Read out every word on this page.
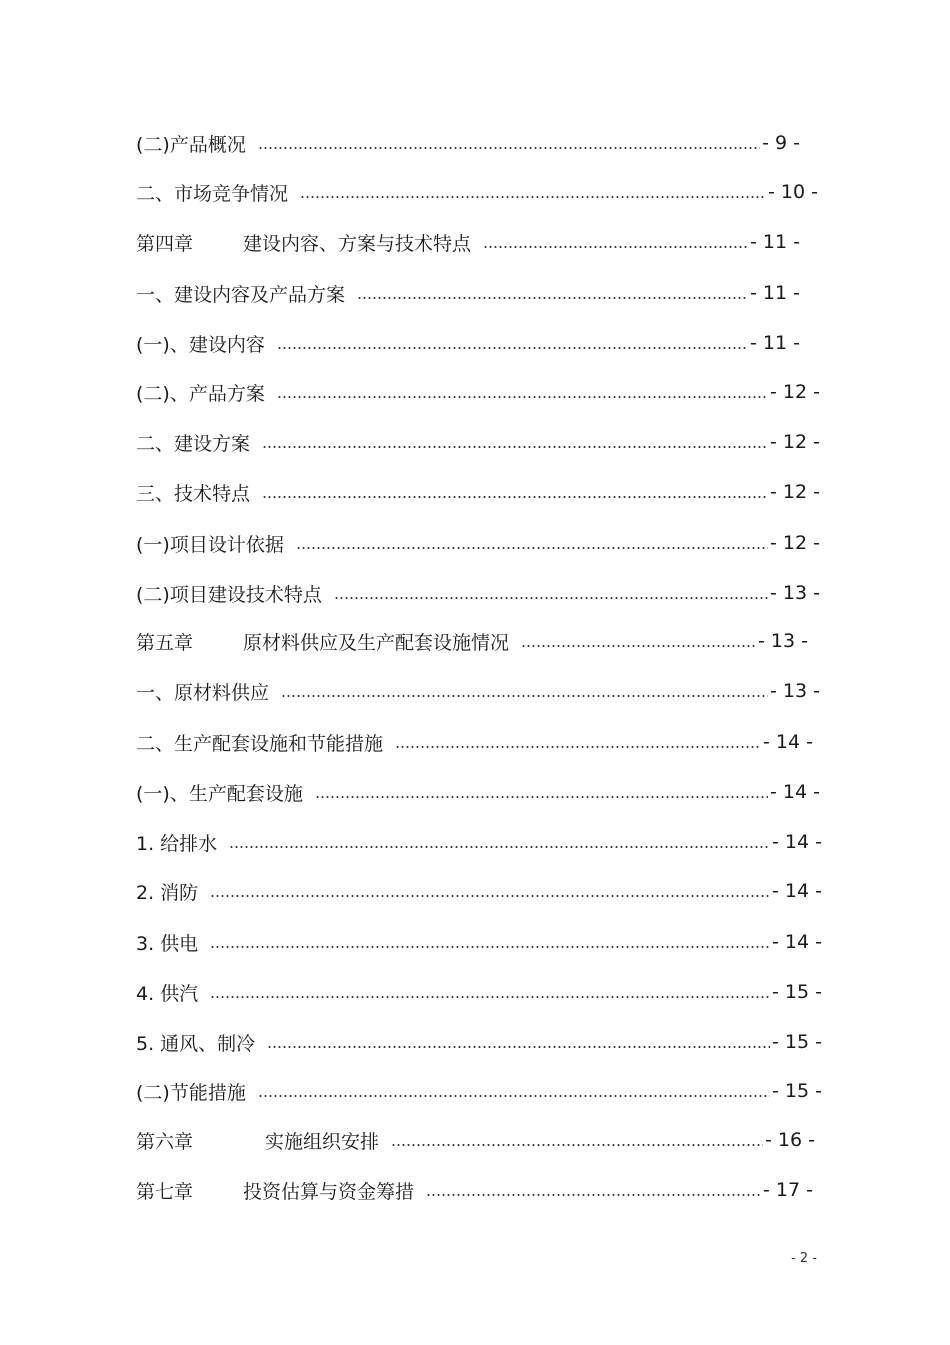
(二)产品概况	- 9 -
二、市场竞争情况	- 10 -
第四章	建设内容、方案与技术特点	- 11 -
一、建设内容及产品方案	- 11 -
(一)、建设内容	- 11 -
(二)、产品方案	- 12 -
二、建设方案	- 12 -
三、技术特点	- 12 -
(一)项目设计依据	- 12 -
(二)项目建设技术特点	- 13 -
第五章	原材料供应及生产配套设施情况	- 13 -
一、原材料供应	- 13 -
二、生产配套设施和节能措施	- 14 -
(一)、生产配套设施	- 14 -
1. 给排水	- 14 -
2. 消防	- 14 -
3. 供电	- 14 -
4. 供汽	- 15 -
5. 通风、制冷	- 15 -
(二)节能措施	- 15 -
第六章	实施组织安排	- 16 -
第七章	投资估算与资金筹措	- 17 -
- 2 -
